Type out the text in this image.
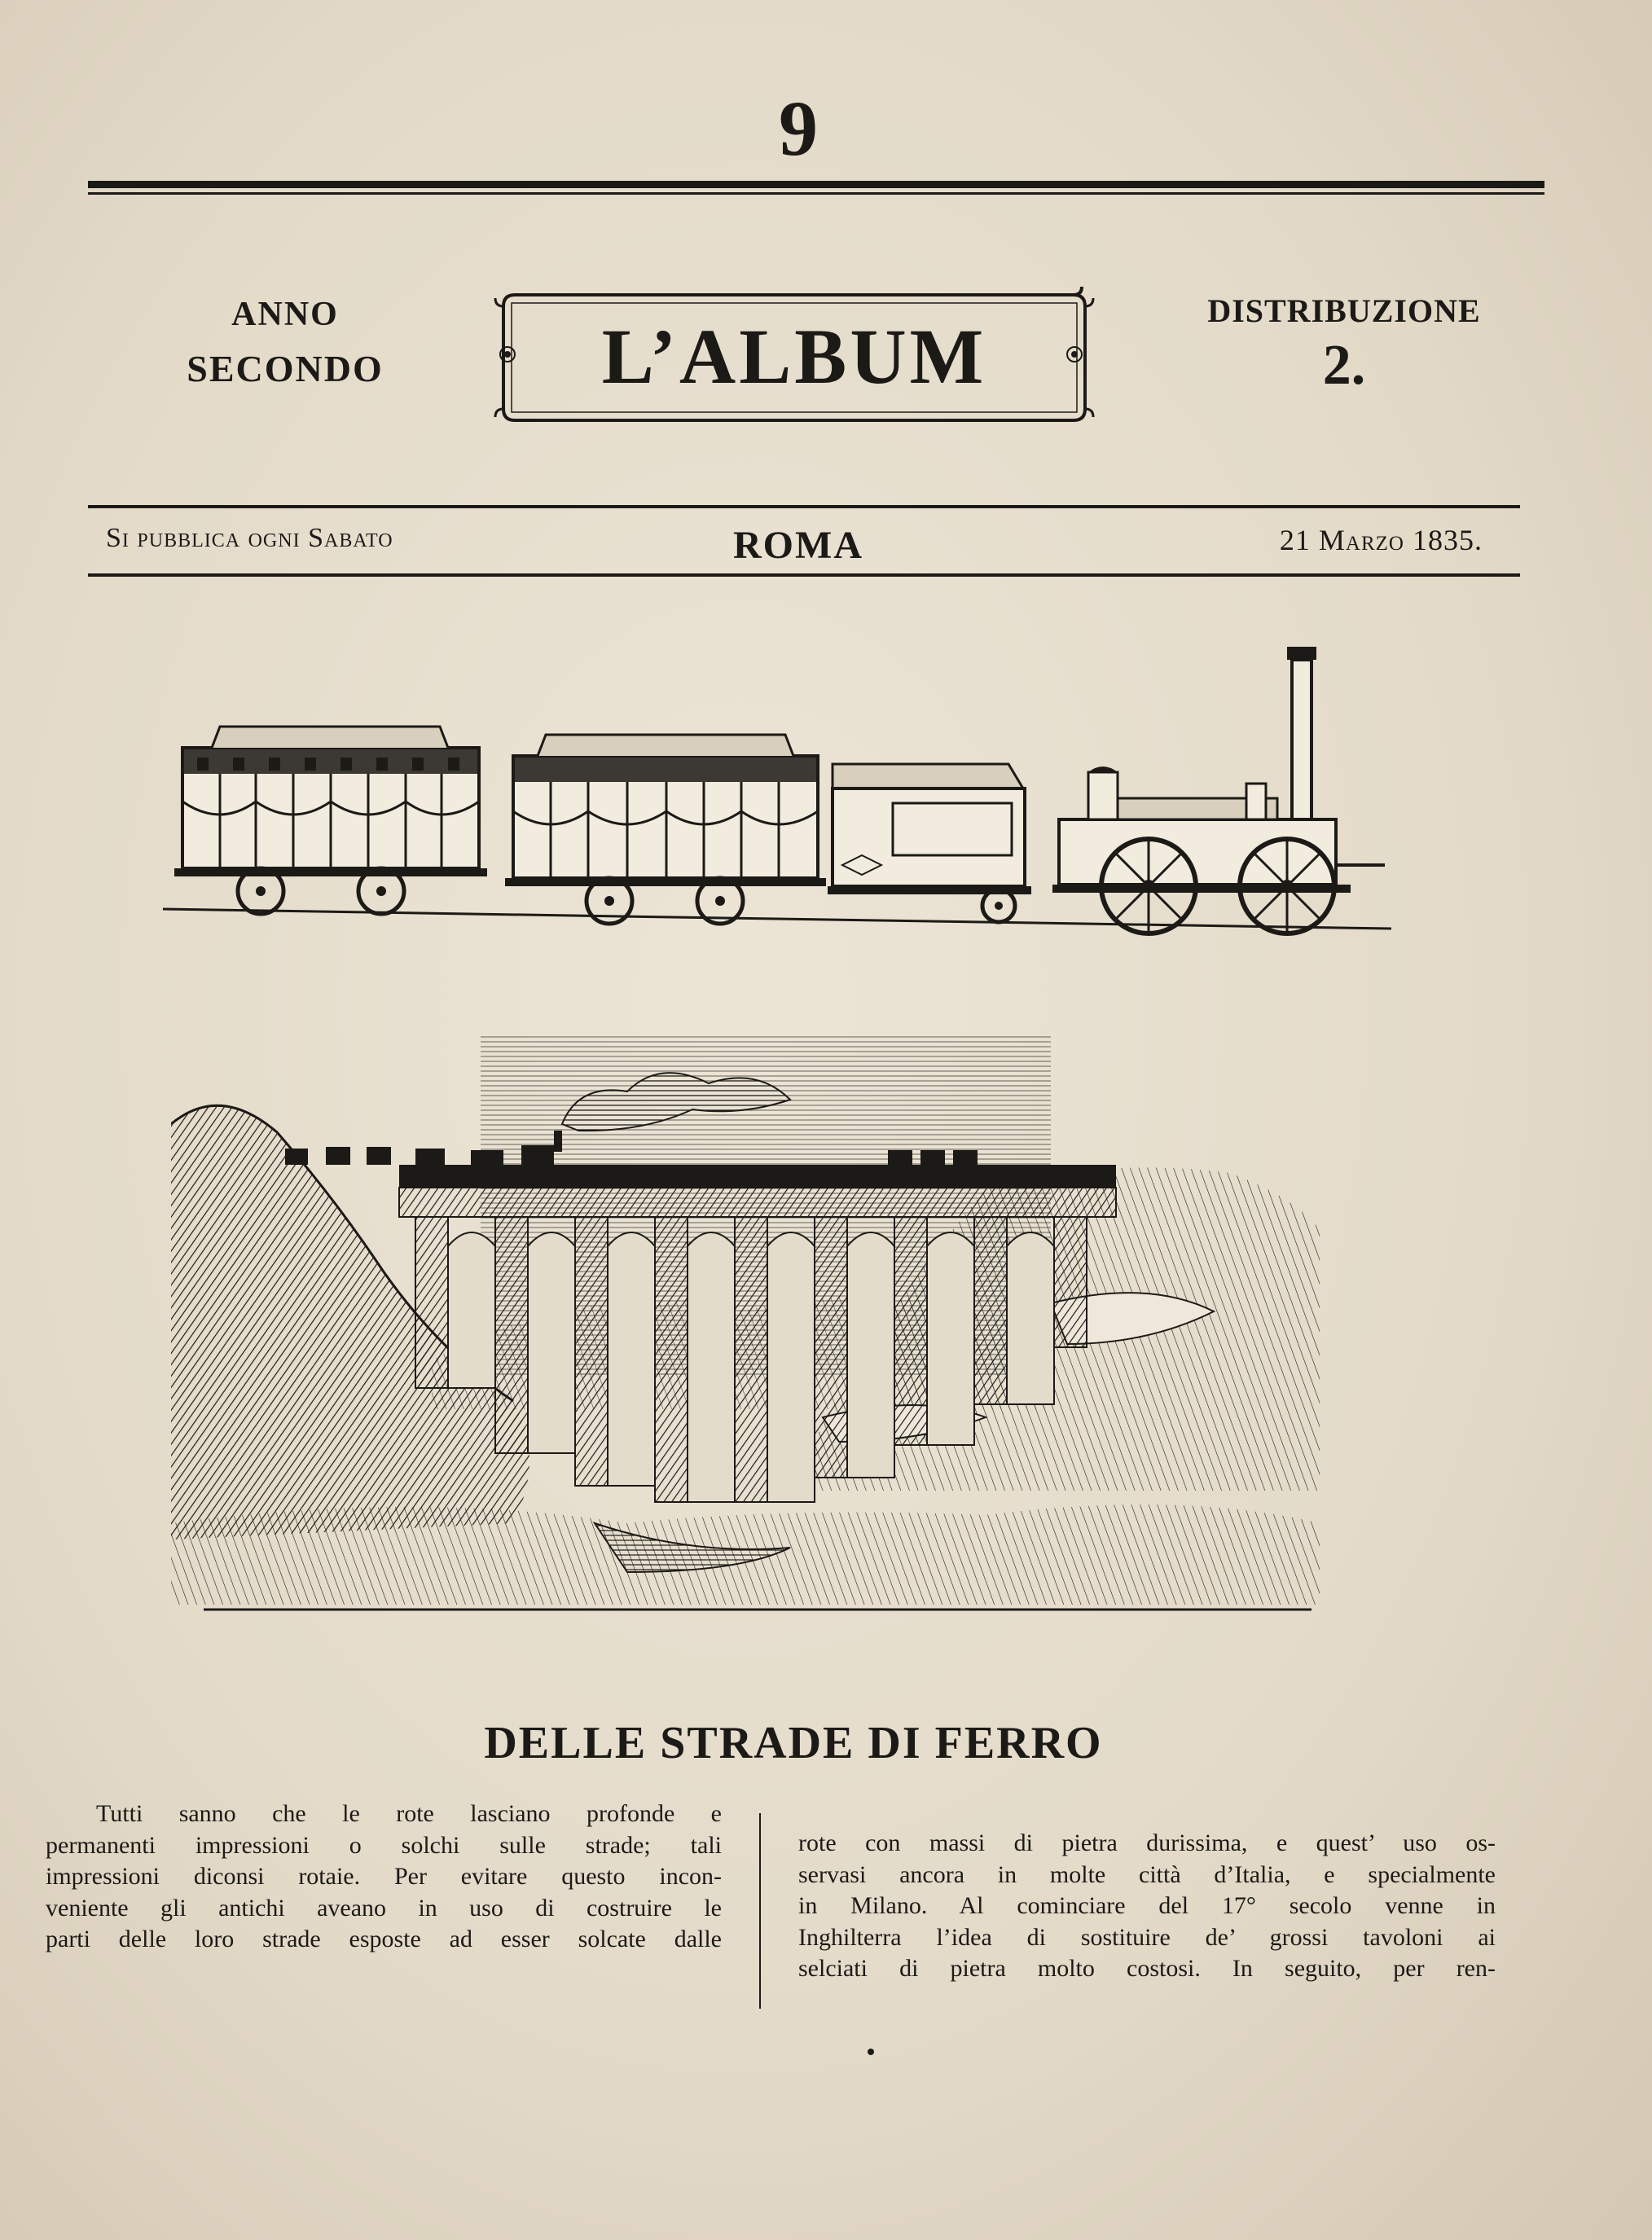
9
ANNO
SECONDO	L’ALBUM
DISTRIBUZIONE
2.
Si pubblica ogni Sabato	ROMA	21 Marzo 1835.
DELLE STRADE DI FERRO
Tutti sanno che le rote lasciano profonde e
permanenti impressioni o solchi sulle strade; tali
impressioni diconsi rotaie. Per evitare questo incon-
veniente gli antichi aveano in uso di costruire le
parti delle loro strade esposte ad esser solcate dalle
rote con massi di pietra durissima, e quest’ uso os-
servasi ancora in molte città d’Italia, e specialmente
in Milano. Al cominciare del 17° secolo venne in
Inghilterra l’idea di sostituire de’ grossi tavoloni ai
selciati di pietra molto costosi. In seguito, per ren-
